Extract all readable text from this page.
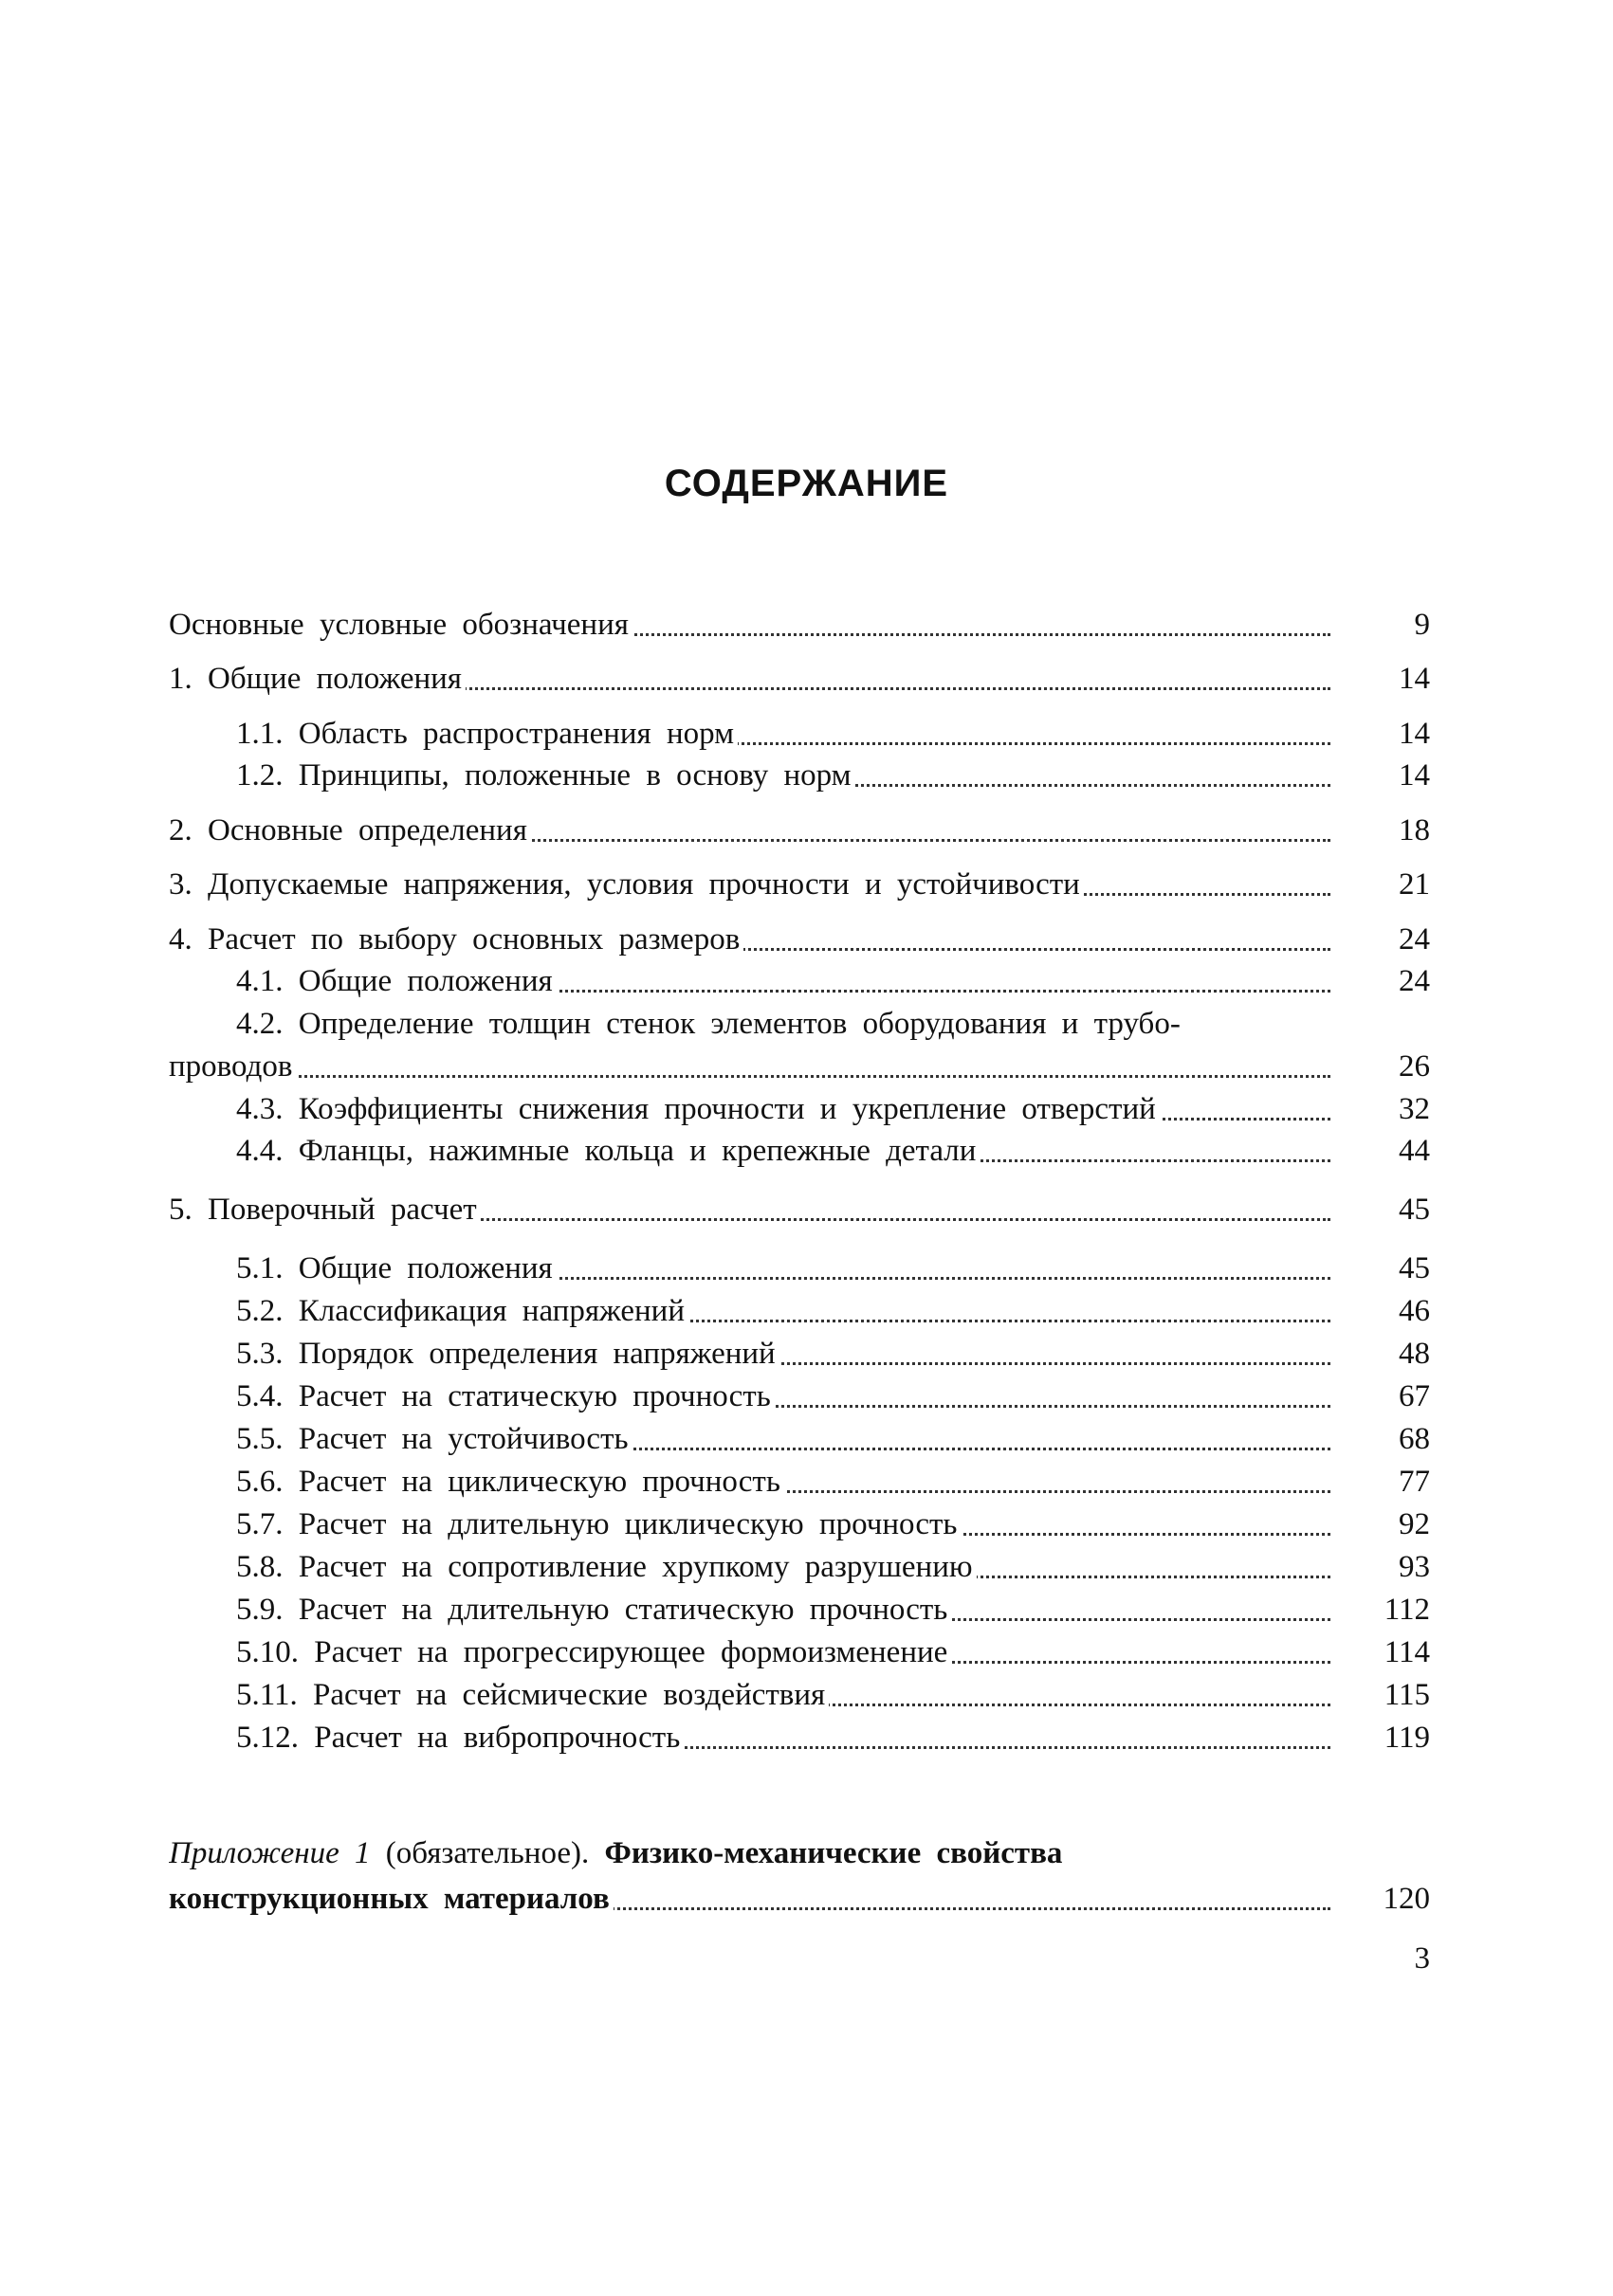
СОДЕРЖАНИЕ
Основные условные обозначения	9
1. Общие положения	14
1.1. Область распространения норм	14
1.2. Принципы, положенные в основу норм	14
2. Основные определения	18
3. Допускаемые напряжения, условия прочности и устойчивости	21
4. Расчет по выбору основных размеров	24
4.1. Общие положения	24
4.2. Определение толщин стенок элементов оборудования и трубо-
проводов	26
4.3. Коэффициенты снижения прочности и укрепление отверстий	32
4.4. Фланцы, нажимные кольца и крепежные детали	44
5. Поверочный расчет	45
5.1. Общие положения	45
5.2. Классификация напряжений	46
5.3. Порядок определения напряжений	48
5.4. Расчет на статическую прочность	67
5.5. Расчет на устойчивость	68
5.6. Расчет на циклическую прочность	77
5.7. Расчет на длительную циклическую прочность	92
5.8. Расчет на сопротивление хрупкому разрушению	93
5.9. Расчет на длительную статическую прочность	112
5.10. Расчет на прогрессирующее формоизменение	114
5.11. Расчет на сейсмические воздействия	115
5.12. Расчет на вибропрочность	119
Приложение 1 (обязательное). Физико-механические свойства
конструкционных материалов	120
3
